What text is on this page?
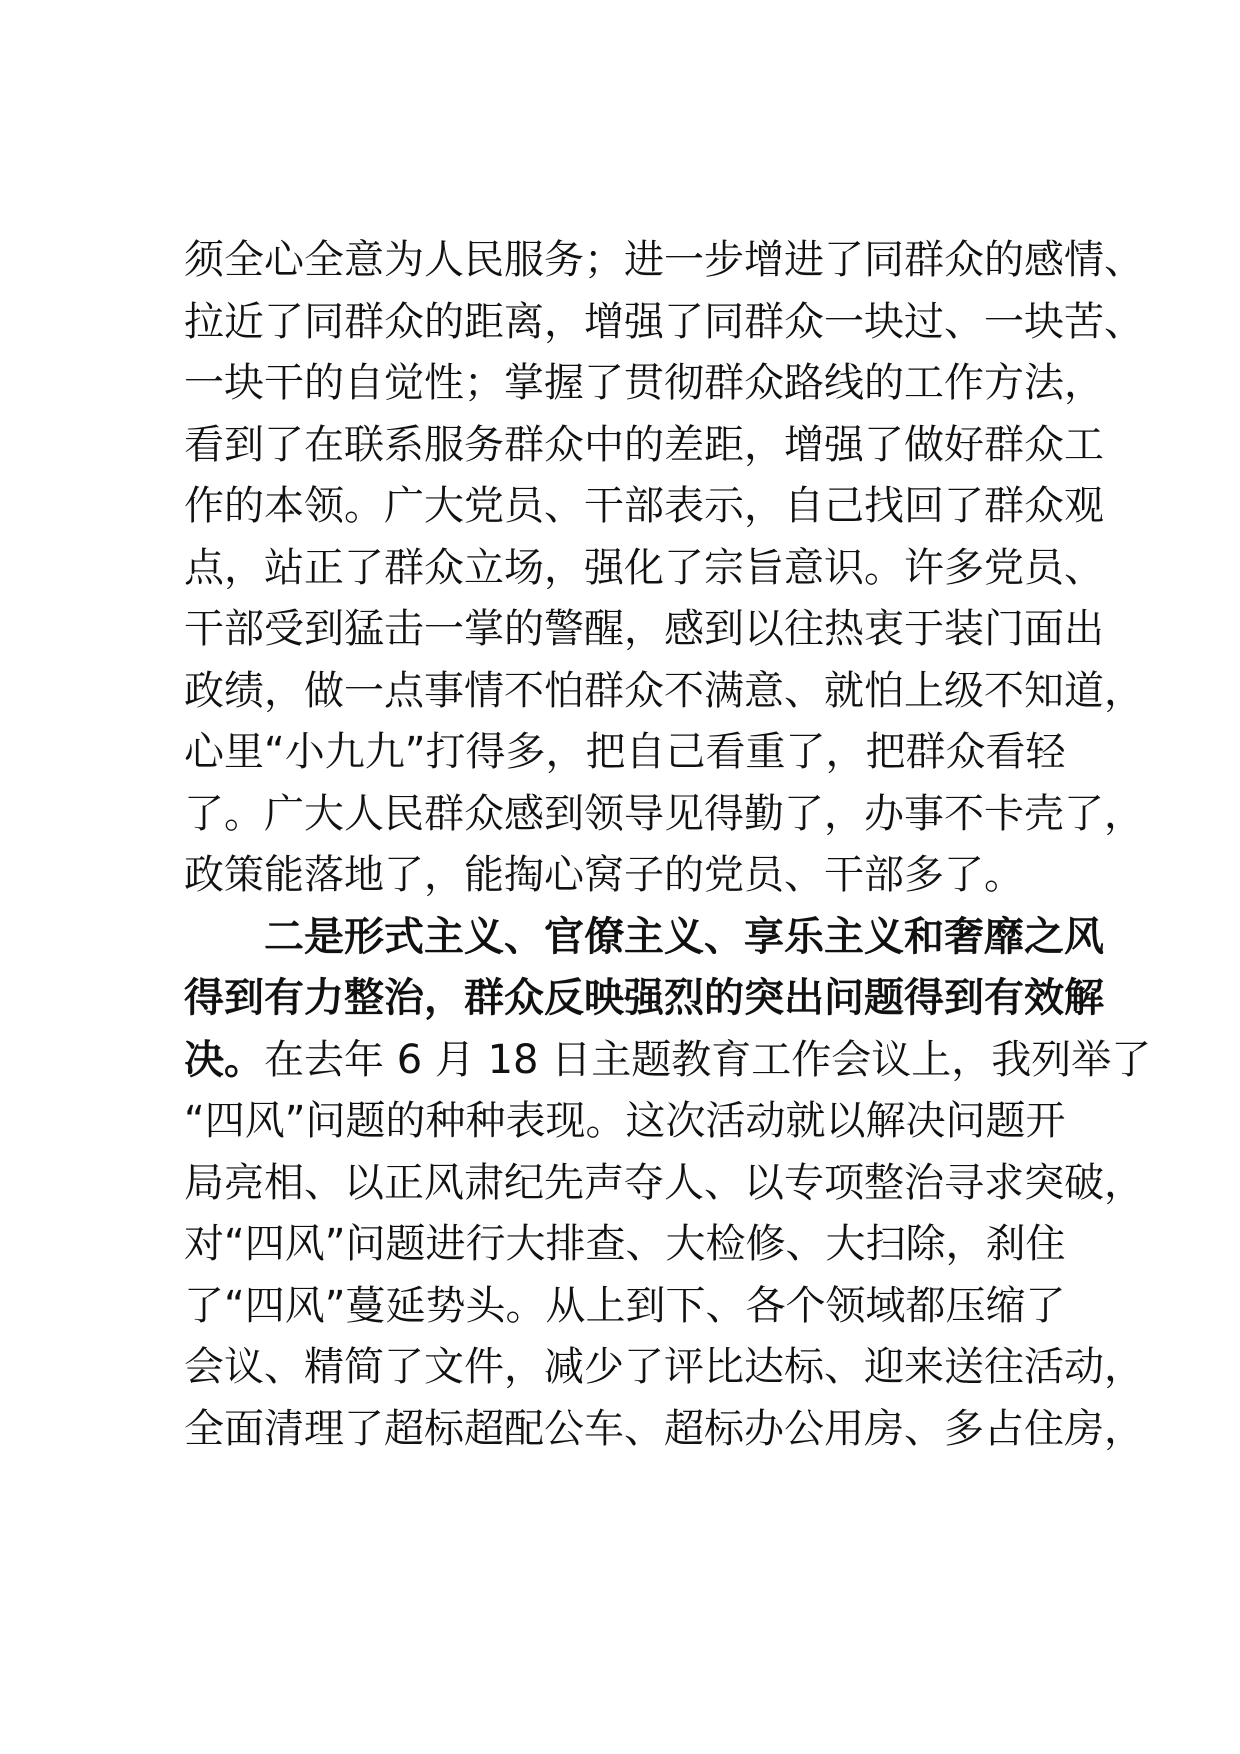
须全心全意为人民服务；进一步增进了同群众的感情、
拉近了同群众的距离，增强了同群众一块过、一块苦、
一块干的自觉性；掌握了贯彻群众路线的工作方法，
看到了在联系服务群众中的差距，增强了做好群众工
作的本领。广大党员、干部表示，自己找回了群众观
点，站正了群众立场，强化了宗旨意识。许多党员、
干部受到猛击一掌的警醒，感到以往热衷于装门面出
政绩，做一点事情不怕群众不满意、就怕上级不知道，
心里“小九九”打得多，把自己看重了，把群众看轻
了。广大人民群众感到领导见得勤了，办事不卡壳了，
政策能落地了，能掏心窝子的党员、干部多了。
二是形式主义、官僚主义、享乐主义和奢靡之风
得到有力整治，群众反映强烈的突出问题得到有效解
决。在去年 6 月 18 日主题教育工作会议上，我列举了
“四风”问题的种种表现。这次活动就以解决问题开
局亮相、以正风肃纪先声夺人、以专项整治寻求突破，
对“四风”问题进行大排查、大检修、大扫除，刹住
了“四风”蔓延势头。从上到下、各个领域都压缩了
会议、精简了文件，减少了评比达标、迎来送往活动，
全面清理了超标超配公车、超标办公用房、多占住房，
